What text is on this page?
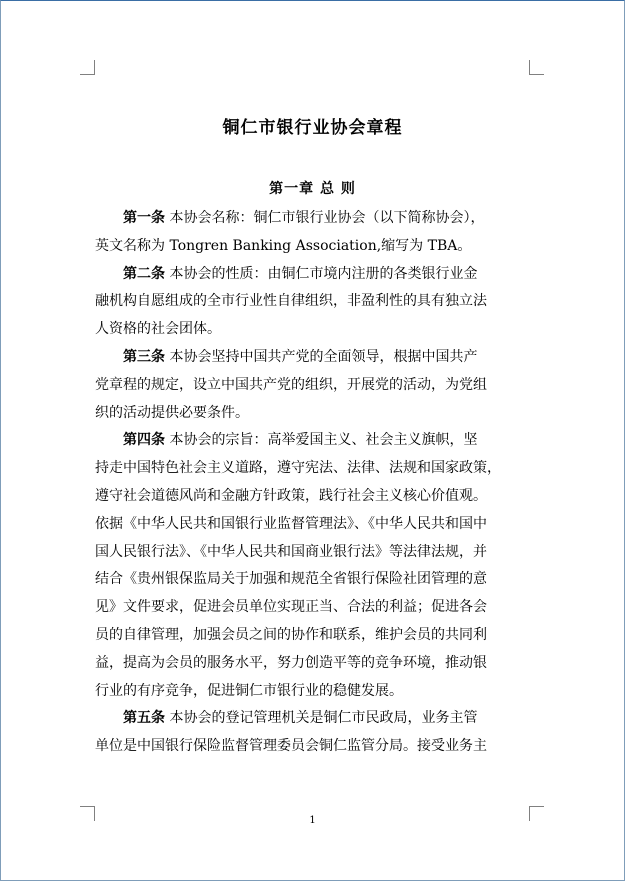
铜仁市银行业协会章程
第一章 总 则

第一条 本协会名称：铜仁市银行业协会（以下简称协会），
英文名称为 Tongren Banking Association,缩写为 TBA。

第二条 本协会的性质：由铜仁市境内注册的各类银行业金
融机构自愿组成的全市行业性自律组织，非盈利性的具有独立法
人资格的社会团体。

第三条 本协会坚持中国共产党的全面领导，根据中国共产
党章程的规定，设立中国共产党的组织，开展党的活动，为党组
织的活动提供必要条件。

第四条 本协会的宗旨：高举爱国主义、社会主义旗帜，坚
持走中国特色社会主义道路，遵守宪法、法律、法规和国家政策，
遵守社会道德风尚和金融方针政策，践行社会主义核心价值观。
依据《中华人民共和国银行业监督管理法》、《中华人民共和国中
国人民银行法》、《中华人民共和国商业银行法》等法律法规，并
结合《贵州银保监局关于加强和规范全省银行保险社团管理的意
见》文件要求，促进会员单位实现正当、合法的利益；促进各会
员的自律管理，加强会员之间的协作和联系，维护会员的共同利
益，提高为会员的服务水平，努力创造平等的竞争环境，推动银
行业的有序竞争，促进铜仁市银行业的稳健发展。

第五条 本协会的登记管理机关是铜仁市民政局，业务主管
单位是中国银行保险监督管理委员会铜仁监管分局。接受业务主

1
